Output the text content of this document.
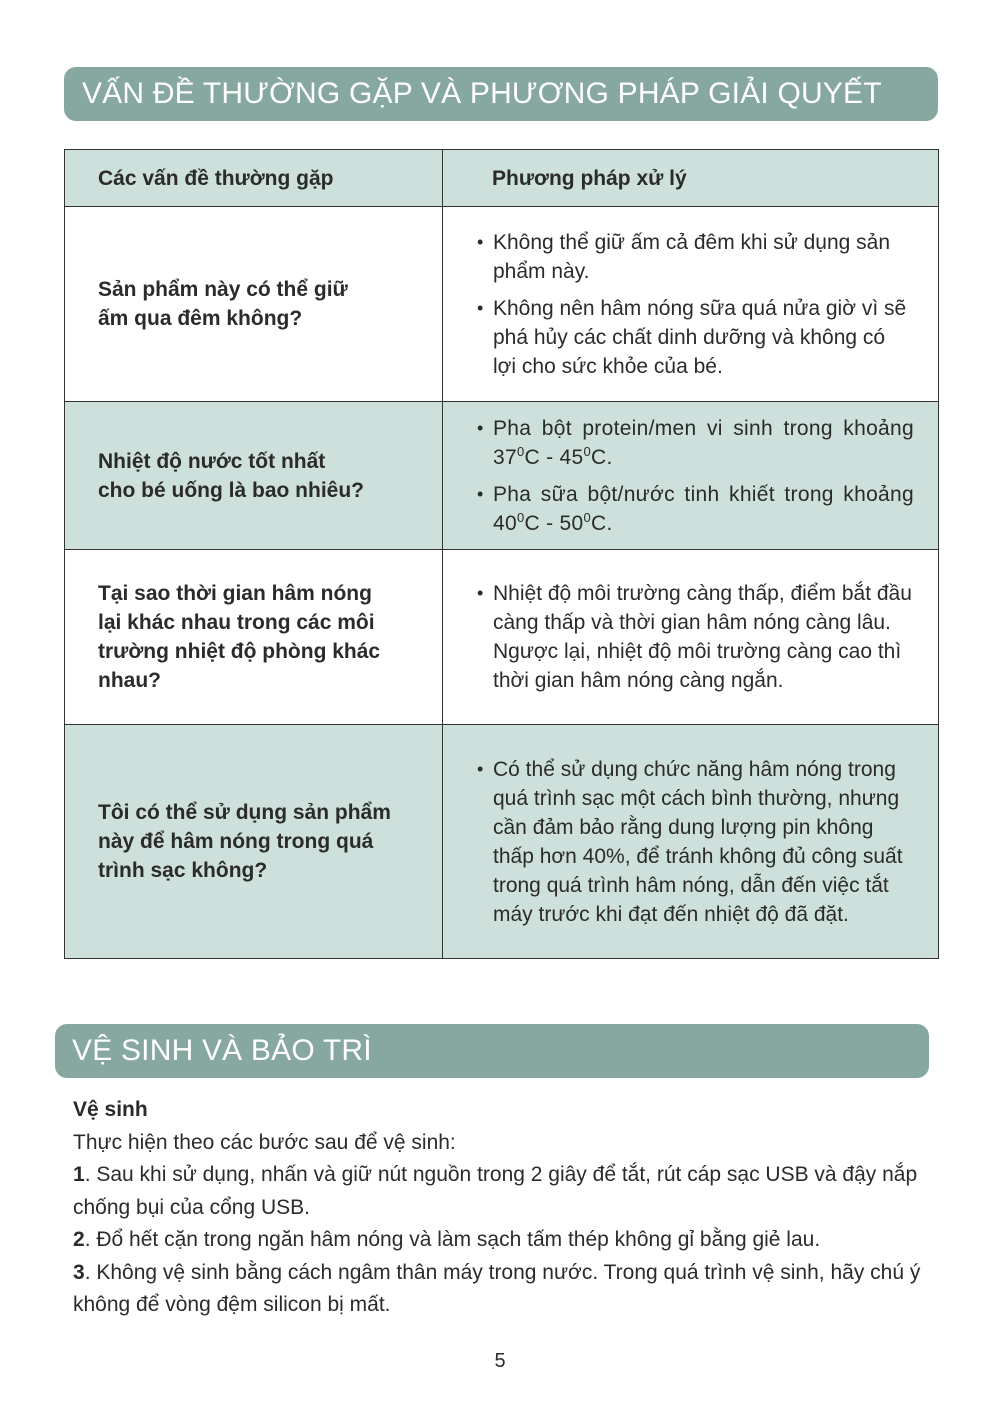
VẤN ĐỀ THƯỜNG GẶP VÀ PHƯƠNG PHÁP GIẢI QUYẾT
Các vấn đề thường gặp	Phương pháp xử lý

Sản phẩm này có thể giữ ấm qua đêm không?	• Không thể giữ ấm cả đêm khi sử dụng sản phẩm này.
• Không nên hâm nóng sữa quá nửa giờ vì sẽ phá hủy các chất dinh dưỡng và không có lợi cho sức khỏe của bé.

Nhiệt độ nước tốt nhất cho bé uống là bao nhiêu?	• Pha bột protein/men vi sinh trong khoảng $37^0C - 45^0C$.
• Pha sữa bột/nước tinh khiết trong khoảng $40^0C - 50^0C$.

Tại sao thời gian hâm nóng lại khác nhau trong các môi trường nhiệt độ phòng khác nhau?	• Nhiệt độ môi trường càng thấp, điểm bắt đầu càng thấp và thời gian hâm nóng càng lâu. Ngược lại, nhiệt độ môi trường càng cao thì thời gian hâm nóng càng ngắn.

Tôi có thể sử dụng sản phẩm này để hâm nóng trong quá trình sạc không?	• Có thể sử dụng chức năng hâm nóng trong quá trình sạc một cách bình thường, nhưng cần đảm bảo rằng dung lượng pin không thấp hơn 40%, để tránh không đủ công suất trong quá trình hâm nóng, dẫn đến việc tắt máy trước khi đạt đến nhiệt độ đã đặt.
VỆ SINH VÀ BẢO TRÌ

Vệ sinh

Thực hiện theo các bước sau để vệ sinh:

1. Sau khi sử dụng, nhấn và giữ nút nguồn trong 2 giây để tắt, rút cáp sạc USB và đậy nắp chống bụi của cổng USB.

2. Đổ hết cặn trong ngăn hâm nóng và làm sạch tấm thép không gỉ bằng giẻ lau.

3. Không vệ sinh bằng cách ngâm thân máy trong nước. Trong quá trình vệ sinh, hãy chú ý không để vòng đệm silicon bị mất.

5
